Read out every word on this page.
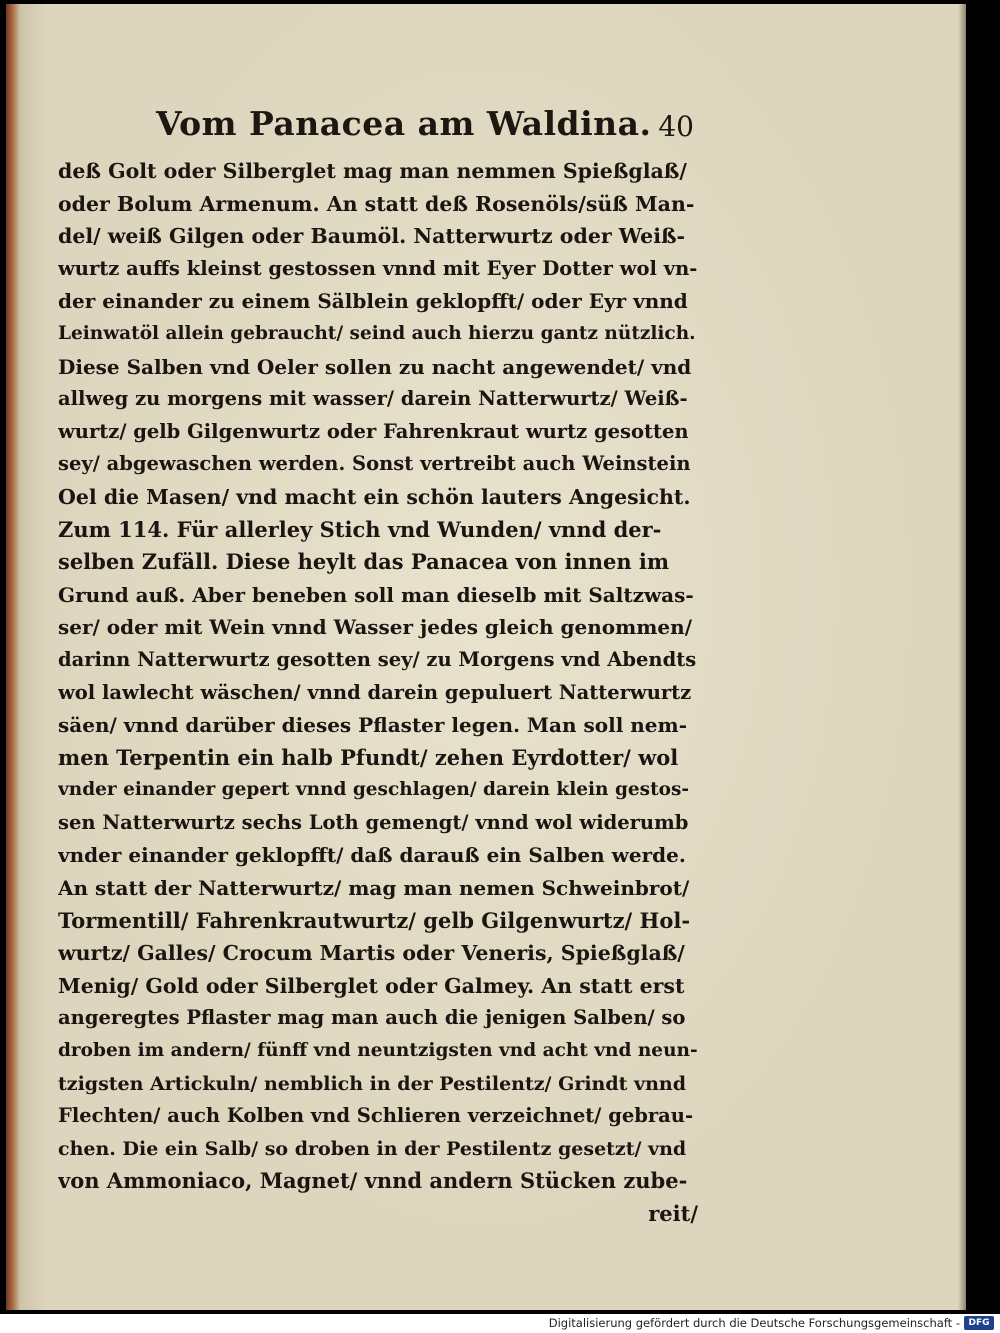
Vom Panacea am Waldina. 40
deß Golt oder Silberglet mag man nemmen Spießglaß/
oder Bolum Armenum. An statt deß Rosenöls/süß Man-
del/ weiß Gilgen oder Baumöl. Natterwurtz oder Weiß-
wurtz auffs kleinst gestossen vnnd mit Eyer Dotter wol vn-
der einander zu einem Sälblein geklopfft/ oder Eyr vnnd
Leinwatöl allein gebraucht/ seind auch hierzu gantz nützlich.
Diese Salben vnd Oeler sollen zu nacht angewendet/ vnd
allweg zu morgens mit wasser/ darein Natterwurtz/ Weiß-
wurtz/ gelb Gilgenwurtz oder Fahrenkraut wurtz gesotten
sey/ abgewaschen werden. Sonst vertreibt auch Weinstein
Oel die Masen/ vnd macht ein schön lauters Angesicht.
Zum 114. Für allerley Stich vnd Wunden/ vnnd der-
selben Zufäll. Diese heylt das Panacea von innen im
Grund auß. Aber beneben soll man dieselb mit Saltzwas-
ser/ oder mit Wein vnnd Wasser jedes gleich genommen/
darinn Natterwurtz gesotten sey/ zu Morgens vnd Abendts
wol lawlecht wäschen/ vnnd darein gepuluert Natterwurtz
säen/ vnnd darüber dieses Pflaster legen. Man soll nem-
men Terpentin ein halb Pfundt/ zehen Eyrdotter/ wol
vnder einander gepert vnnd geschlagen/ darein klein gestos-
sen Natterwurtz sechs Loth gemengt/ vnnd wol widerumb
vnder einander geklopfft/ daß darauß ein Salben werde.
An statt der Natterwurtz/ mag man nemen Schweinbrot/
Tormentill/ Fahrenkrautwurtz/ gelb Gilgenwurtz/ Hol-
wurtz/ Galles/ Crocum Martis oder Veneris, Spießglaß/
Menig/ Gold oder Silberglet oder Galmey. An statt erst
angeregtes Pflaster mag man auch die jenigen Salben/ so
droben im andern/ fünff vnd neuntzigsten vnd acht vnd neun-
tzigsten Artickuln/ nemblich in der Pestilentz/ Grindt vnnd
Flechten/ auch Kolben vnd Schlieren verzeichnet/ gebrau-
chen. Die ein Salb/ so droben in der Pestilentz gesetzt/ vnd
von Ammoniaco, Magnet/ vnnd andern Stücken zube-
reit/
Digitalisierung gefördert durch die Deutsche Forschungsgemeinschaft - DFG
